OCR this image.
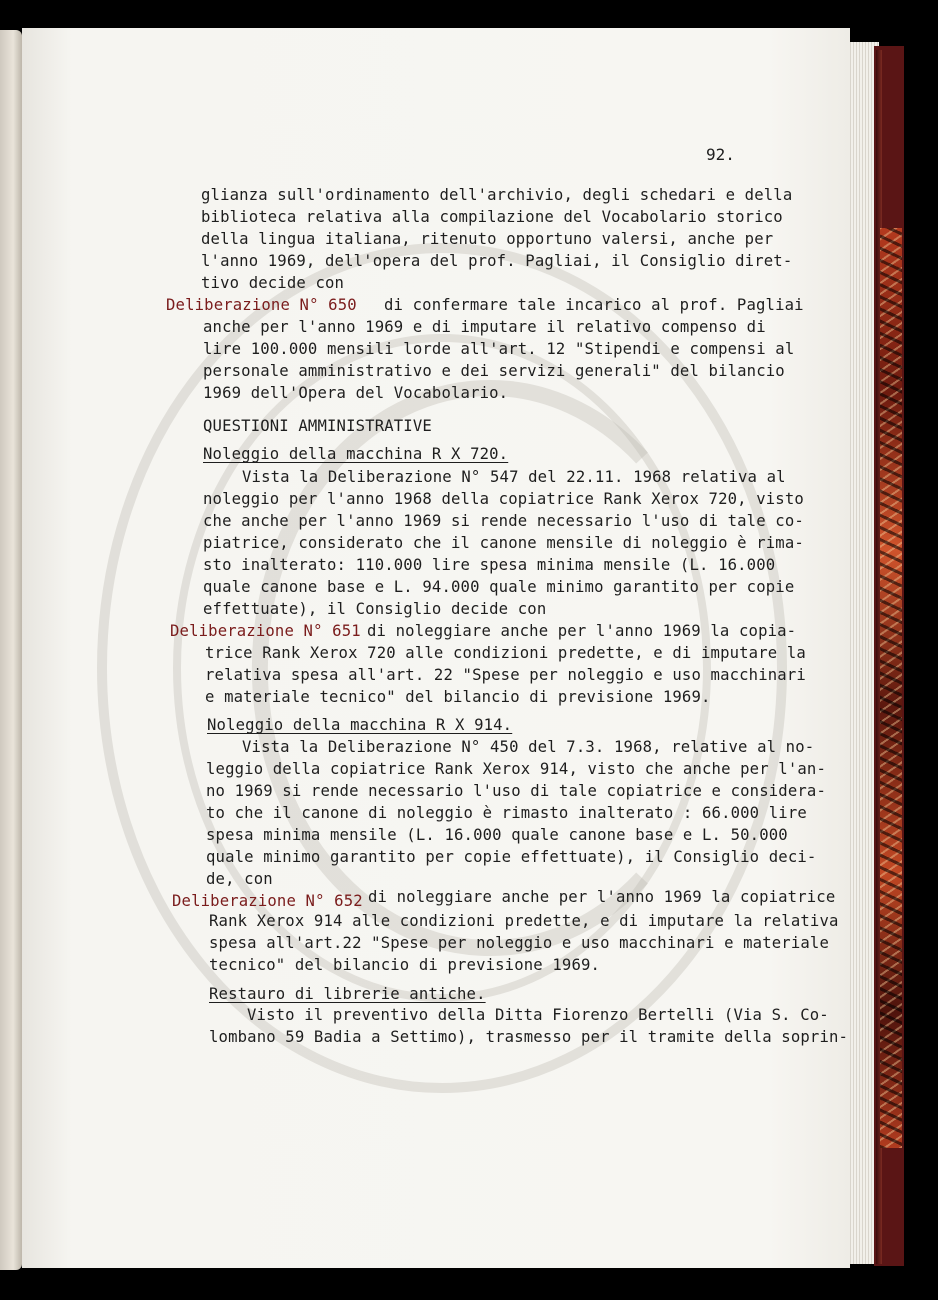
92.
glianza sull'ordinamento dell'archivio, degli schedari e della
biblioteca relativa alla compilazione del Vocabolario storico
della lingua italiana, ritenuto opportuno valersi, anche per
l'anno 1969, dell'opera del prof. Pagliai, il Consiglio diret-
tivo decide con
Deliberazione N° 650 di confermare tale incarico al prof. Pagliai
anche per l'anno 1969 e di imputare il relativo compenso di
lire 100.000 mensili lorde all'art. 12 "Stipendi e compensi al
personale amministrativo e dei servizi generali" del bilancio
1969 dell'Opera del Vocabolario.
QUESTIONI AMMINISTRATIVE
Noleggio della macchina R X 720.
Vista la Deliberazione N° 547 del 22.11. 1968 relativa al
noleggio per l'anno 1968 della copiatrice Rank Xerox 720, visto
che anche per l'anno 1969 si rende necessario l'uso di tale co-
piatrice, considerato che il canone mensile di noleggio è rima-
sto inalterato: 110.000 lire spesa minima mensile (L. 16.000
quale canone base e L. 94.000 quale minimo garantito per copie
effettuate), il Consiglio decide con
Deliberazione N° 651 di noleggiare anche per l'anno 1969 la copia-
trice Rank Xerox 720 alle condizioni predette, e di imputare la
relativa spesa all'art. 22 "Spese per noleggio e uso macchinari
e materiale tecnico" del bilancio di previsione 1969.
Noleggio della macchina R X 914.
Vista la Deliberazione N° 450 del 7.3. 1968, relative al no-
leggio della copiatrice Rank Xerox 914, visto che anche per l'an-
no 1969 si rende necessario l'uso di tale copiatrice e considera-
to che il canone di noleggio è rimasto inalterato : 66.000 lire
spesa minima mensile (L. 16.000 quale canone base e L. 50.000
quale minimo garantito per copie effettuate), il Consiglio deci-
de, con
Deliberazione N° 652 di noleggiare anche per l'anno 1969 la copiatrice
Rank Xerox 914 alle condizioni predette, e di imputare la relativa
spesa all'art.22 "Spese per noleggio e uso macchinari e materiale
tecnico" del bilancio di previsione 1969.
Restauro di librerie antiche.
Visto il preventivo della Ditta Fiorenzo Bertelli (Via S. Co-
lombano 59 Badia a Settimo), trasmesso per il tramite della soprin-
